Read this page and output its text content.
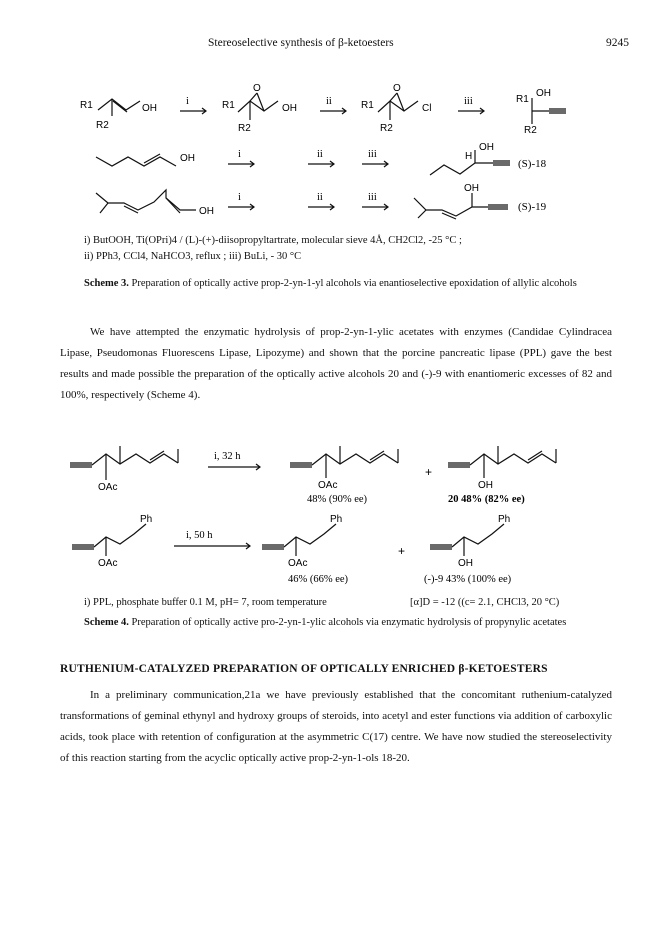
Stereoselective synthesis of β-ketoesters	9245
R1	OH
R2
i	R1
O
OH
R2
ii	R1
O
Cl
R2
iii	R1
OH
R2
OH	i	ii	iii
OH
H
(S)-18
OH
i	ii	iii
OH
(S)-19
i) ButOOH, Ti(OPri)4 / (L)-(+)-diisopropyltartrate, molecular sieve 4Å, CH2Cl2, -25 °C ;
ii) PPh3, CCl4, NaHCO3, reflux ; iii) BuLi, - 30 °C
Scheme 3. Preparation of optically active prop-2-yn-1-yl alcohols via enantioselective epoxidation of allylic alcohols
We have attempted the enzymatic hydrolysis of prop-2-yn-1-ylic acetates with enzymes (Candidae Cylindracea Lipase, Pseudomonas Fluorescens Lipase, Lipozyme) and shown that the porcine pancreatic lipase (PPL) gave the best results and made possible the preparation of the optically active alcohols 20 and (-)-9 with enantiomeric excesses of 82 and 100%, respectively (Scheme 4).
OAc
i, 32 h
OAc
+
OH
48% (90% ee)	20 48% (82% ee)
Ph
OAc
i, 50 h
Ph
OAc
+
Ph
OH
46% (66% ee)	(-)-9 43% (100% ee)
i) PPL, phosphate buffer 0.1 M, pH= 7, room temperature	[α]D = -12 ((c= 2.1, CHCl3, 20 °C)
Scheme 4. Preparation of optically active pro-2-yn-1-ylic alcohols via enzymatic hydrolysis of propynylic acetates
RUTHENIUM-CATALYZED PREPARATION OF OPTICALLY ENRICHED β-KETOESTERS
In a preliminary communication,21a we have previously established that the concomitant ruthenium-catalyzed transformations of geminal ethynyl and hydroxy groups of steroids, into acetyl and ester functions via addition of carboxylic acids, took place with retention of configuration at the asymmetric C(17) centre. We have now studied the stereoselectivity of this reaction starting from the acyclic optically active prop-2-yn-1-ols 18-20.
